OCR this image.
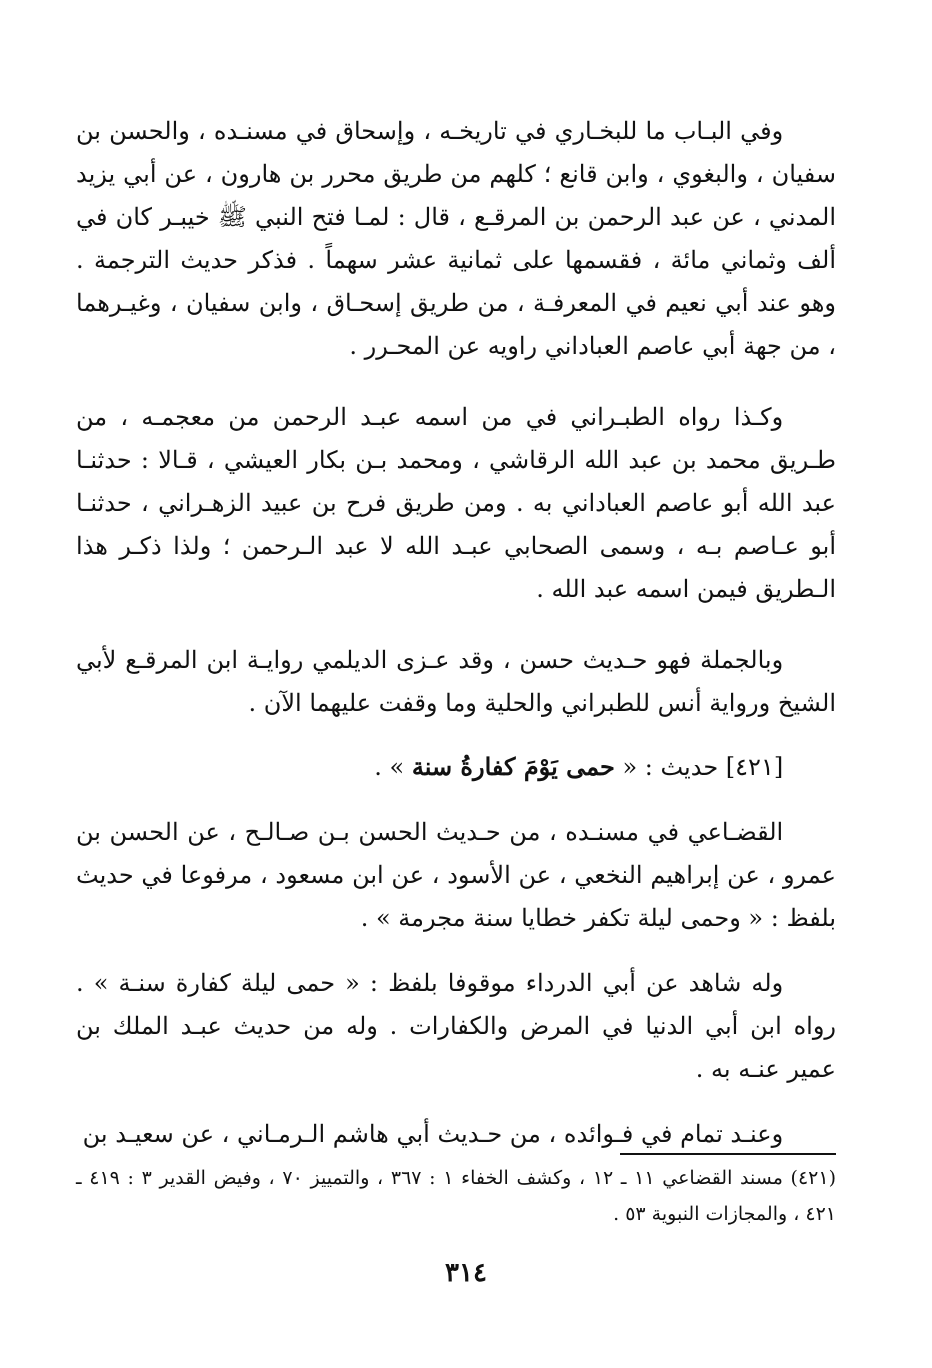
وفي البـاب ما للبخـاري في تاريخـه ، وإسحاق في مسنـده ، والحسن بن سفيان ، والبغوي ، وابن قانع ؛ كلهم من طريق محرر بن هارون ، عن أبي يزيد المدني ، عن عبد الرحمن بن المرقـع ، قال : لمـا فتح النبي ﷺ خيبـر كان في ألف وثماني مائة ، فقسمها على ثمانية عشر سهماً . فذكر حديث الترجمة . وهو عند أبي نعيم في المعرفـة ، من طريق إسحـاق ، وابن سفيان ، وغيـرهما ، من جهة أبي عاصم العباداني راويه عن المحـرر .

وكـذا رواه الطبـراني في من اسمه عبـد الرحمن من معجمـه ، من طـريق محمد بن عبد الله الرقاشي ، ومحمد بـن بكار العيشي ، قـالا : حدثنـا عبد الله أبو عاصم العباداني به . ومن طريق فرح بن عبيد الزهـراني ، حدثنـا أبو عـاصم بـه ، وسمى الصحابي عبـد الله لا عبد الـرحمن ؛ ولذا ذكـر هذا الـطريق فيمن اسمه عبد الله .

وبالجملة فهو حـديث حسن ، وقد عـزى الديلمي روايـة ابن المرقـع لأبي الشيخ ورواية أنس للطبراني والحلية وما وقفت عليهما الآن .

[٤٢١] حديث : « حمى يَوْمَ كفارةُ سنة » .

القضـاعي في مسنـده ، من حـديث الحسن بـن صـالـح ، عن الحسن بن عمرو ، عن إبراهيم النخعي ، عن الأسود ، عن ابن مسعود ، مرفوعا في حديث بلفظ : « وحمى ليلة تكفر خطايا سنة مجرمة » .

وله شاهد عن أبي الدرداء موقوفا بلفظ : « حمى ليلة كفارة سنـة » . رواه ابن أبي الدنيا في المرض والكفارات . وله من حديث عبـد الملك بن عمير عنـه به .

وعنـد تمام في فـوائده ، من حـديث أبي هاشم الـرمـاني ، عن سعيـد بن

(٤٢١) مسند القضاعي ١١ ـ ١٢ ، وكشف الخفاء ١ : ٣٦٧ ، والتمييز ٧٠ ، وفيض القدير ٣ : ٤١٩ ـ ٤٢١ ، والمجازات النبوية ٥٣ .
٣١٤
